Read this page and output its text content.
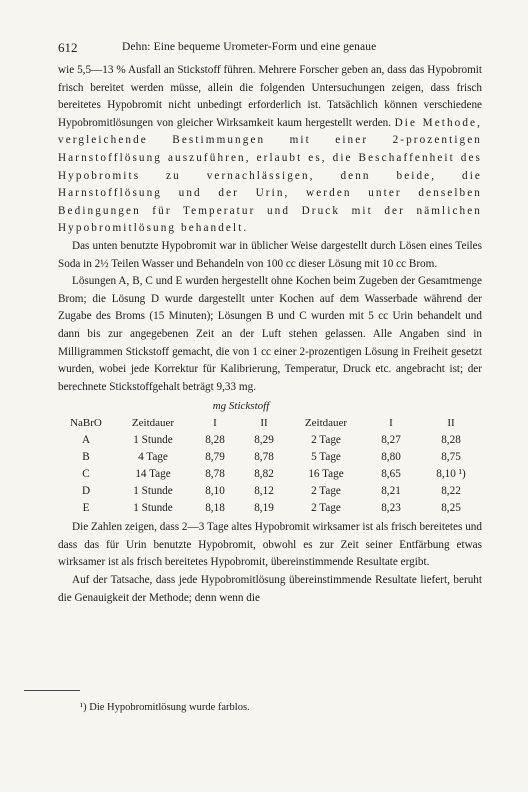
612	Dehn: Eine bequeme Urometer-Form und eine genaue

wie 5,5—13 % Ausfall an Stickstoff führen. Mehrere Forscher geben an, dass das Hypobromit frisch bereitet werden müsse, allein die folgenden Untersuchungen zeigen, dass frisch bereitetes Hypobromit nicht unbedingt erforderlich ist. Tatsächlich können verschiedene Hypobromitlösungen von gleicher Wirksamkeit kaum hergestellt werden. Die Methode, vergleichende Bestimmungen mit einer 2-prozentigen Harnstofflösung auszuführen, erlaubt es, die Beschaffenheit des Hypobromits zu vernachlässigen, denn beide, die Harnstofflösung und der Urin, werden unter denselben Bedingungen für Temperatur und Druck mit der nämlichen Hypobromitlösung behandelt.

Das unten benutzte Hypobromit war in üblicher Weise dargestellt durch Lösen eines Teiles Soda in 2½ Teilen Wasser und Behandeln von 100 cc dieser Lösung mit 10 cc Brom.

Lösungen A, B, C und E wurden hergestellt ohne Kochen beim Zugeben der Gesamtmenge Brom; die Lösung D wurde dargestellt unter Kochen auf dem Wasserbade während der Zugabe des Broms (15 Minuten); Lösungen B und C wurden mit 5 cc Urin behandelt und dann bis zur angegebenen Zeit an der Luft stehen gelassen. Alle Angaben sind in Milligrammen Stickstoff gemacht, die von 1 cc einer 2-prozentigen Lösung in Freiheit gesetzt wurden, wobei jede Korrektur für Kalibrierung, Temperatur, Druck etc. angebracht ist; der berechnete Stickstoffgehalt beträgt 9,33 mg.

		mg Stickstoff				
NaBrO	Zeitdauer	I	II	Zeitdauer	I	II
A	1 Stunde	8,28	8,29	2 Tage	8,27	8,28
B	4 Tage	8,79	8,78	5 Tage	8,80	8,75
C	14 Tage	8,78	8,82	16 Tage	8,65	8,10 ¹)
D	1 Stunde	8,10	8,12	2 Tage	8,21	8,22
E	1 Stunde	8,18	8,19	2 Tage	8,23	8,25

Die Zahlen zeigen, dass 2—3 Tage altes Hypobromit wirksamer ist als frisch bereitetes und dass das für Urin benutzte Hypobromit, obwohl es zur Zeit seiner Entfärbung etwas wirksamer ist als frisch bereitetes Hypobromit, übereinstimmende Resultate ergibt.

Auf der Tatsache, dass jede Hypobromitlösung übereinstimmende Resultate liefert, beruht die Genauigkeit der Methode; denn wenn die

¹) Die Hypobromitlösung wurde farblos.
